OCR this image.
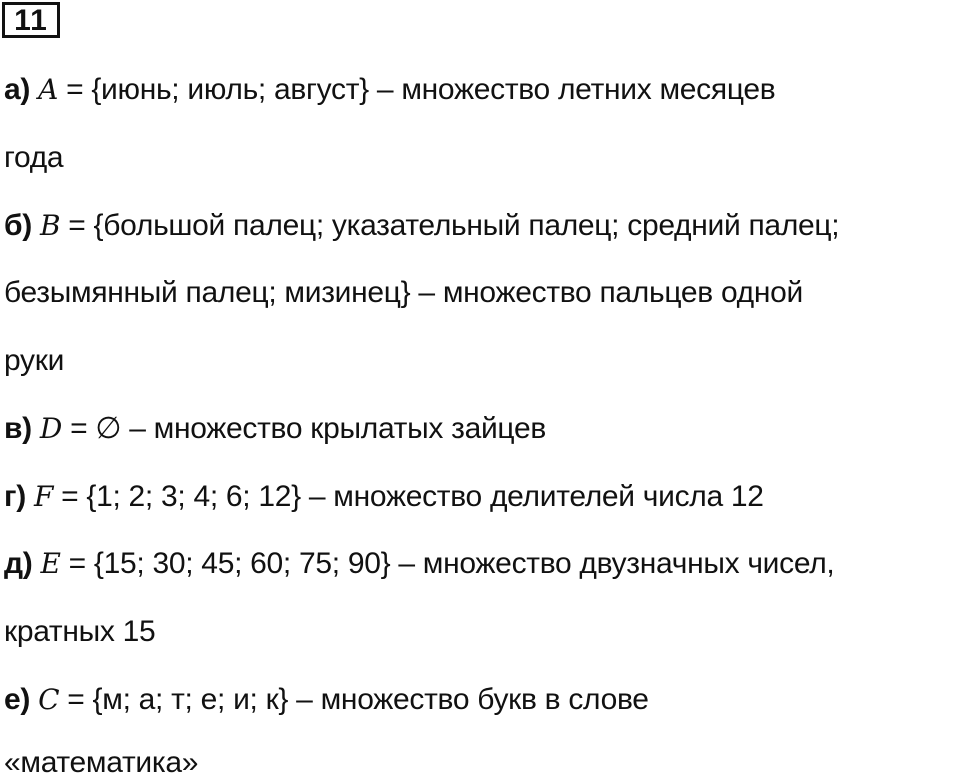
11
а) A = {июнь; июль; август} – множество летних месяцев
года
б) B = {большой палец; указательный палец; средний палец;
безымянный палец; мизинец} – множество пальцев одной
руки
в) D = ∅ – множество крылатых зайцев
г) F = {1; 2; 3; 4; 6; 12} – множество делителей числа 12
д) E = {15; 30; 45; 60; 75; 90} – множество двузначных чисел,
кратных 15
е) C = {м; а; т; е; и; к} – множество букв в слове
«математика»
